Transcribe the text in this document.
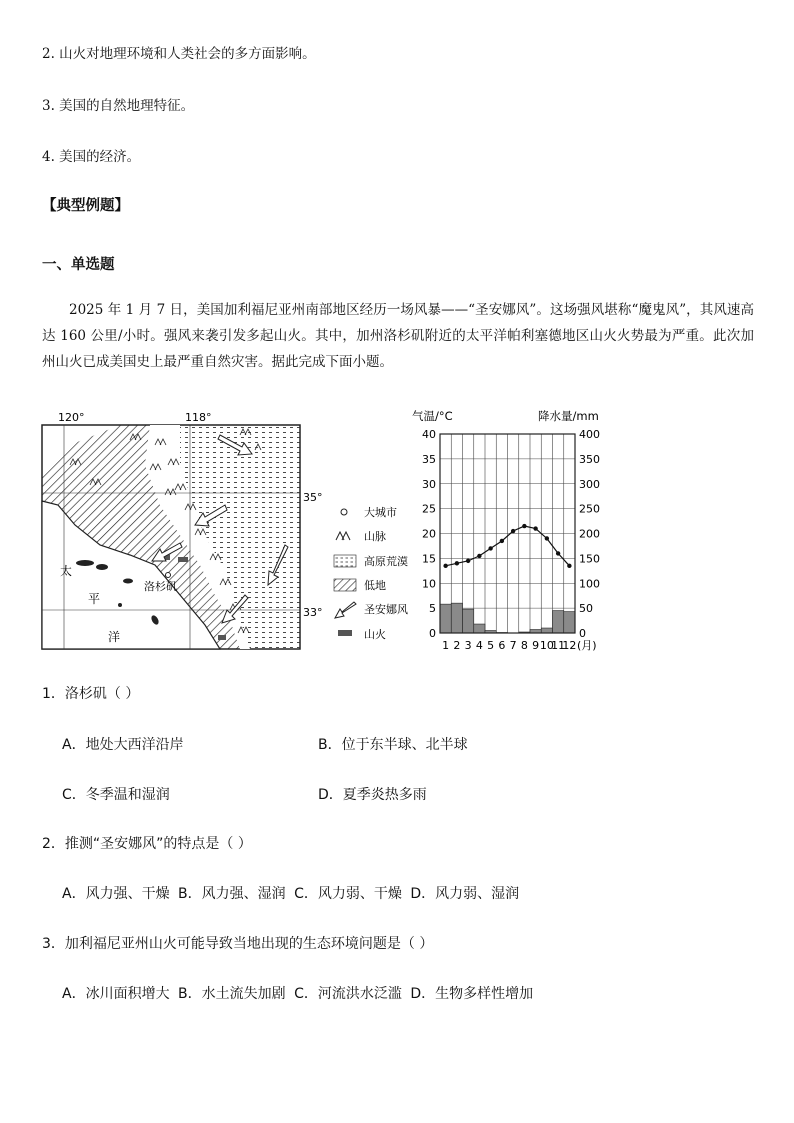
2. 山火对地理环境和人类社会的多方面影响。
3. 美国的自然地理特征。
4. 美国的经济。
【典型例题】
一、单选题
2025 年 1 月 7 日，美国加利福尼亚州南部地区经历一场风暴——“圣安娜风”。这场强风堪称“魔鬼风”，其风速高达 160 公里/小时。强风来袭引发多起山火。其中，加州洛杉矶附近的太平洋帕利塞德地区山火火势最为严重。此次加州山火已成美国史上最严重自然灾害。据此完成下面小题。
120°	118°
35°
33°
洛杉矶
太
平
洋
大城市
山脉
高原荒漠
低地
圣安娜风
山火
气温/°C	降水量/mm
40
35
30
25
20
15
10
5
0
400
350
300
250
200
150
100
50
0
1 2 3 4 5 6 7 8 9 10
11
12 (月)
1．洛杉矶（ ）
A．地处大西洋沿岸	B．位于东半球、北半球
C．冬季温和湿润	D．夏季炎热多雨
2．推测“圣安娜风”的特点是（ ）
A．风力强、干燥 B．风力强、湿润 C．风力弱、干燥 D．风力弱、湿润
3．加利福尼亚州山火可能导致当地出现的生态环境问题是（ ）
A．冰川面积增大 B．水土流失加剧 C．河流洪水泛滥 D．生物多样性增加
